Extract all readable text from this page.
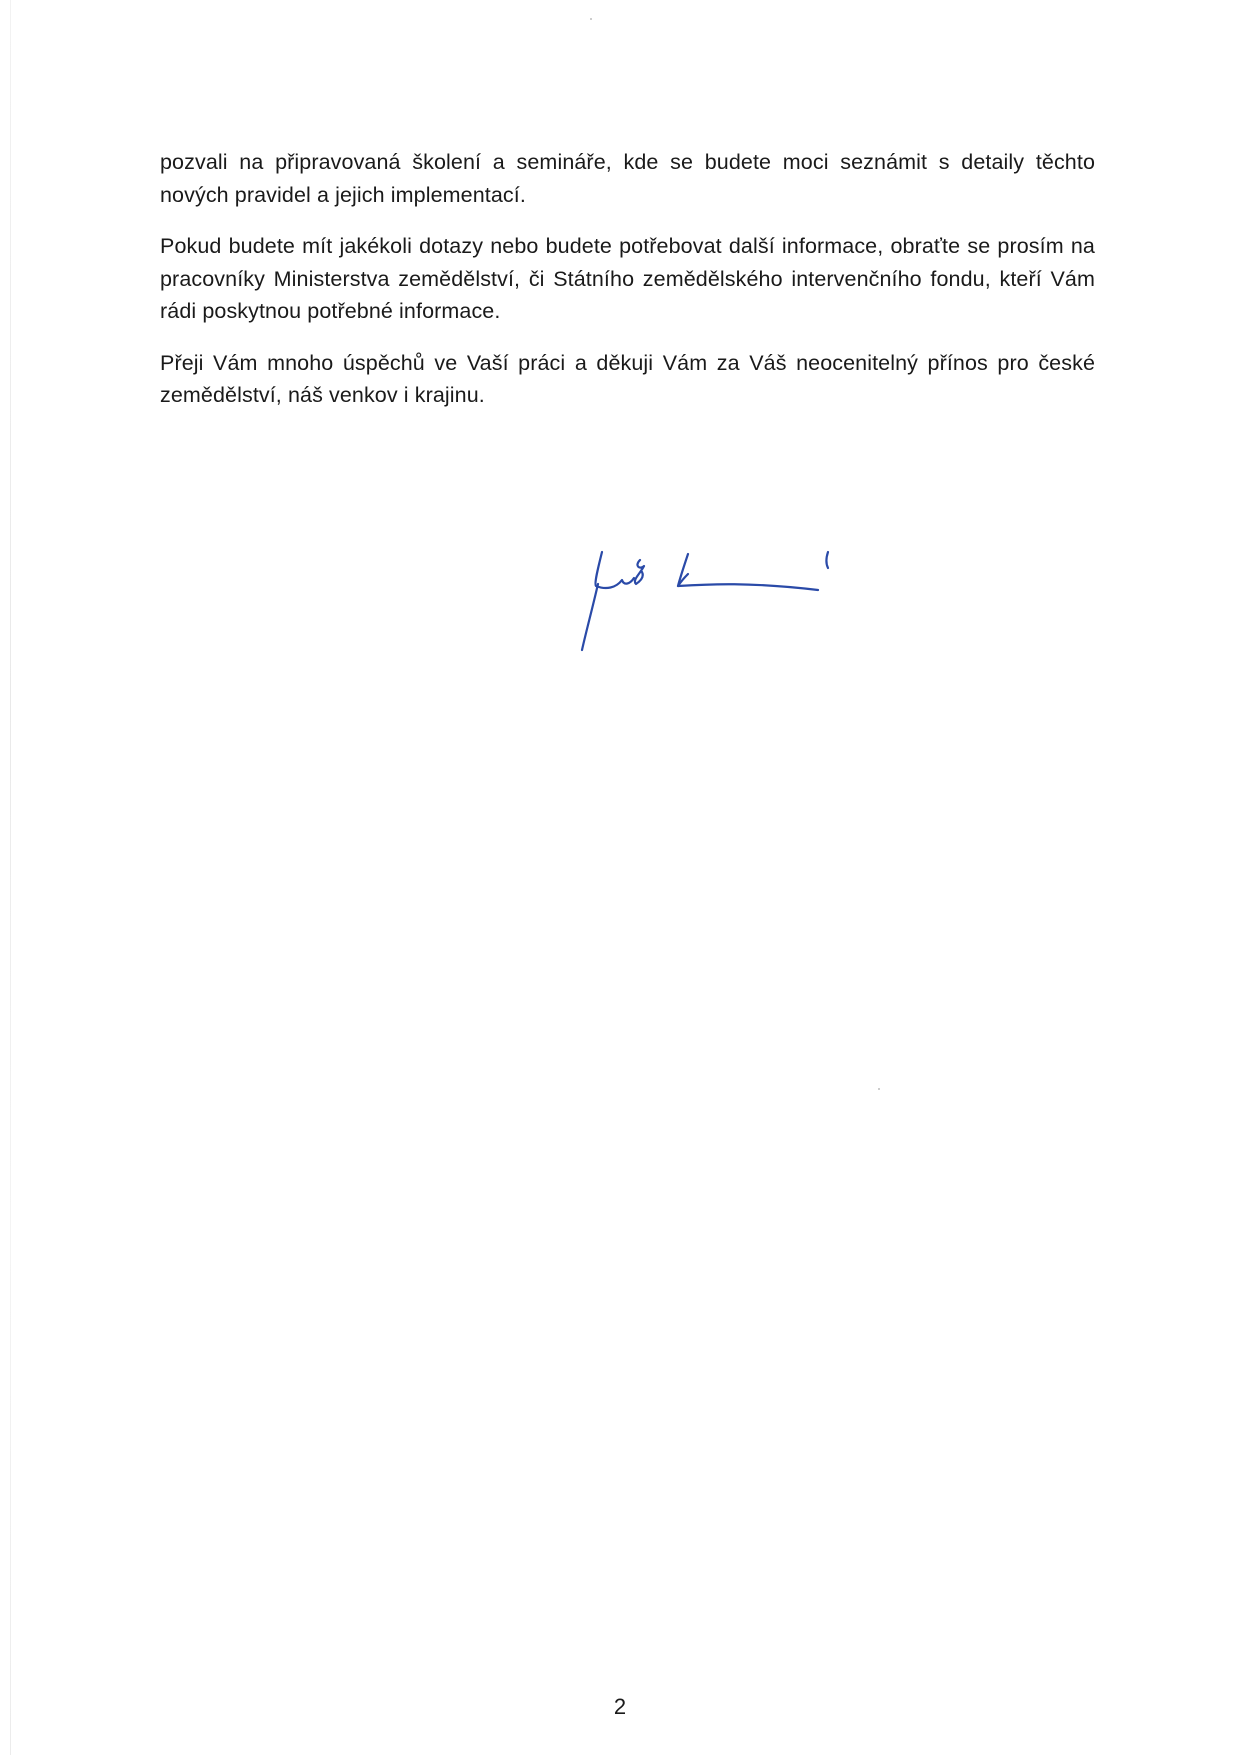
pozvali na připravovaná školení a semináře, kde se budete moci seznámit s detaily těchto nových pravidel a jejich implementací.

Pokud budete mít jakékoli dotazy nebo budete potřebovat další informace, obraťte se prosím na pracovníky Ministerstva zemědělství, či Státního zemědělského intervenčního fondu, kteří Vám rádi poskytnou potřebné informace.

Přeji Vám mnoho úspěchů ve Vaší práci a děkuji Vám za Váš neocenitelný přínos pro české zemědělství, náš venkov i krajinu.

2
